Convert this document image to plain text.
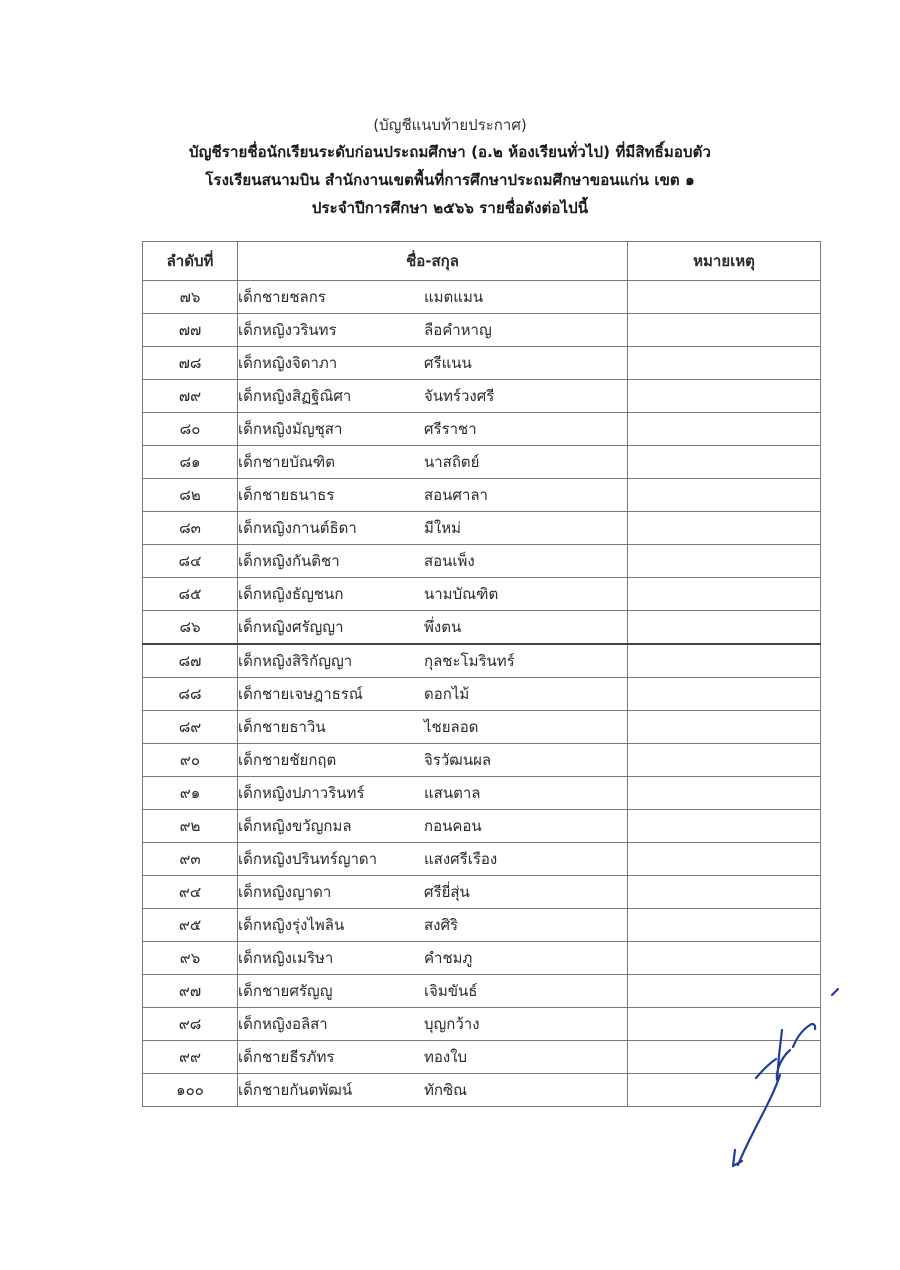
(บัญชีแนบท้ายประกาศ)
บัญชีรายชื่อนักเรียนระดับก่อนประถมศึกษา (อ.๒ ห้องเรียนทั่วไป) ที่มีสิทธิ์มอบตัว
โรงเรียนสนามบิน สำนักงานเขตพื้นที่การศึกษาประถมศึกษาขอนแก่น เขต ๑
ประจำปีการศึกษา ๒๕๖๖ รายชื่อดังต่อไปนี้
ลำดับที่	ชื่อ-สกุล	หมายเหตุ
๗๖	เด็กชายชลกร แมตแมน	
๗๗	เด็กหญิงวรินทร ลือคำหาญ	
๗๘	เด็กหญิงจิดาภา ศรีแนน	
๗๙	เด็กหญิงสิฏฐิณิศา จันทร์วงศรี	
๘๐	เด็กหญิงมัญชุสา ศรีราชา	
๘๑	เด็กชายบัณฑิต นาสถิตย์	
๘๒	เด็กชายธนาธร สอนศาลา	
๘๓	เด็กหญิงกานต์ธิดา มีใหม่	
๘๔	เด็กหญิงกันติชา สอนเพ็ง	
๘๕	เด็กหญิงธัญชนก นามบัณฑิต	
๘๖	เด็กหญิงศรัญญา พึ่งตน	
๘๗	เด็กหญิงสิริกัญญา กุลชะโมรินทร์	
๘๘	เด็กชายเจษฎาธรณ์ ดอกไม้	
๘๙	เด็กชายธาวิน ไชยลอด	
๙๐	เด็กชายชัยกฤต จิรวัฒนผล	
๙๑	เด็กหญิงปภาวรินทร์ แสนตาล	
๙๒	เด็กหญิงขวัญกมล กอนคอน	
๙๓	เด็กหญิงปรินทร์ญาดา แสงศรีเรือง	
๙๔	เด็กหญิงญาดา ศรียี่สุ่น	
๙๕	เด็กหญิงรุ่งไพลิน สงศิริ	
๙๖	เด็กหญิงเมริษา คำชมภู	
๙๗	เด็กชายศรัญญู เจิมขันธ์	
๙๘	เด็กหญิงอลิสา บุญกว้าง	
๙๙	เด็กชายธีรภัทร ทองใบ	
๑๐๐	เด็กชายกันตพัฒน์ ทักซิณ	
